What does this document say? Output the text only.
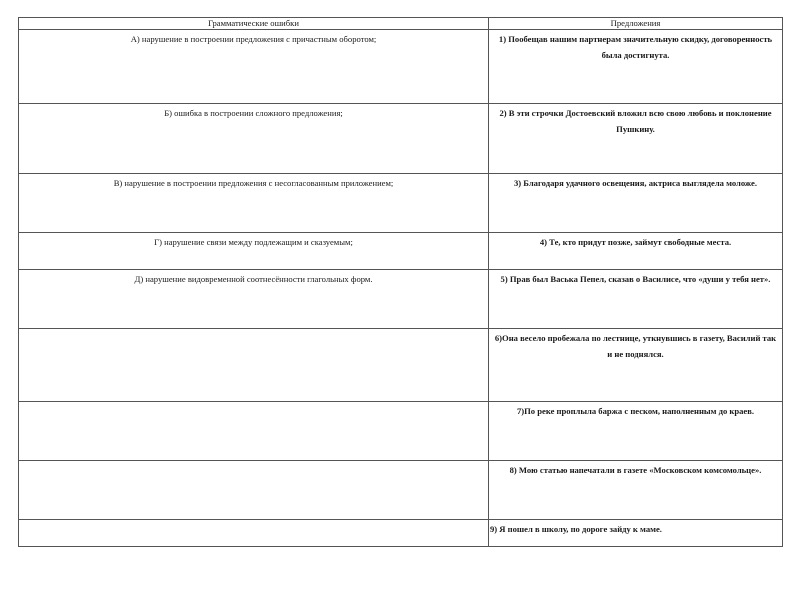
Грамматические ошибки	Предложения
А) нарушение в построении предложения с причастным оборотом;	1) Пообещав нашим партнерам значительную скидку, договоренность была достигнута.
Б) ошибка в построении сложного предложения;	2) В эти строчки Достоевский вложил всю свою любовь и поклонение Пушкину.
В) нарушение в построении предложения с несогласованным приложением;	3) Благодаря удачного освещения, актриса выглядела моложе.
Г) нарушение связи между подлежащим и сказуемым;	4) Те, кто придут позже, займут свободные места.
Д) нарушение видовременной соотнесённости глагольных форм.	5) Прав был Васька Пепел, сказав о Василисе, что «души у тебя нет».
	6)Она весело пробежала по лестнице, уткнувшись в газету, Василий так и не поднялся.
	7)По реке проплыла баржа с песком, наполненным до краев.
	8) Мою статью напечатали в газете «Московском комсомольце».
	9) Я пошел в школу, по дороге зайду к маме.
